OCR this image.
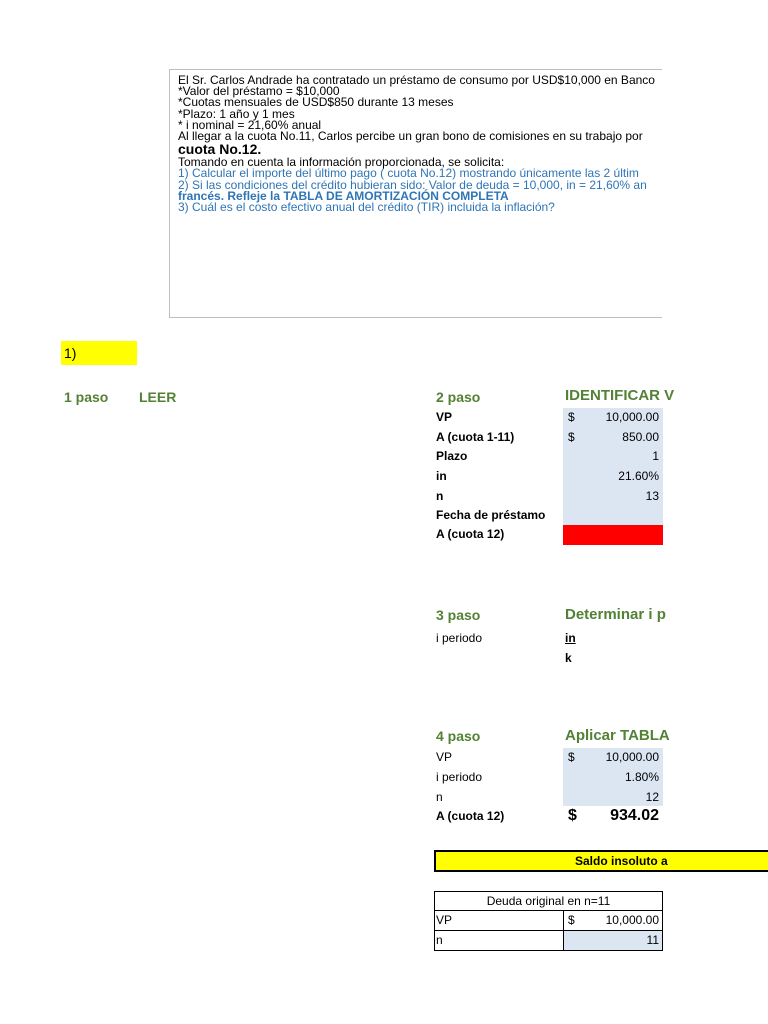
El Sr. Carlos Andrade ha contratado un préstamo de consumo por USD$10,000 en Banco
*Valor del préstamo = $10,000
*Cuotas mensuales de USD$850 durante 13 meses
*Plazo: 1 año y 1 mes
* i nominal = 21,60% anual
Al llegar a la cuota No.11, Carlos percibe un gran bono de comisiones en su trabajo por
cuota No.12.
Tomando en cuenta la información proporcionada, se solicita:
1) Calcular el importe del último pago ( cuota No.12) mostrando únicamente las 2 últim
2) Si las condiciones del crédito hubieran sido: Valor de deuda = 10,000, in = 21,60% an
francés. Refleje la TABLA DE AMORTIZACIÓN COMPLETA
3) Cuál es el costo efectivo anual del crédito (TIR) incluida la inflación?
1)
1 paso LEER	2 paso	IDENTIFICAR V
VP	$	10,000.00
A (cuota 1-11)	$	850.00
Plazo	1
in	21.60%
n	13
Fecha de préstamo
A (cuota 12)
3 paso	Determinar i p
i periodo	in
k
4 paso	Aplicar TABLA
VP	$	10,000.00
i periodo	1.80%
n	12
A (cuota 12)	$	934.02
Saldo insoluto a
Deuda original en n=11
VP	$	10,000.00
n	11
